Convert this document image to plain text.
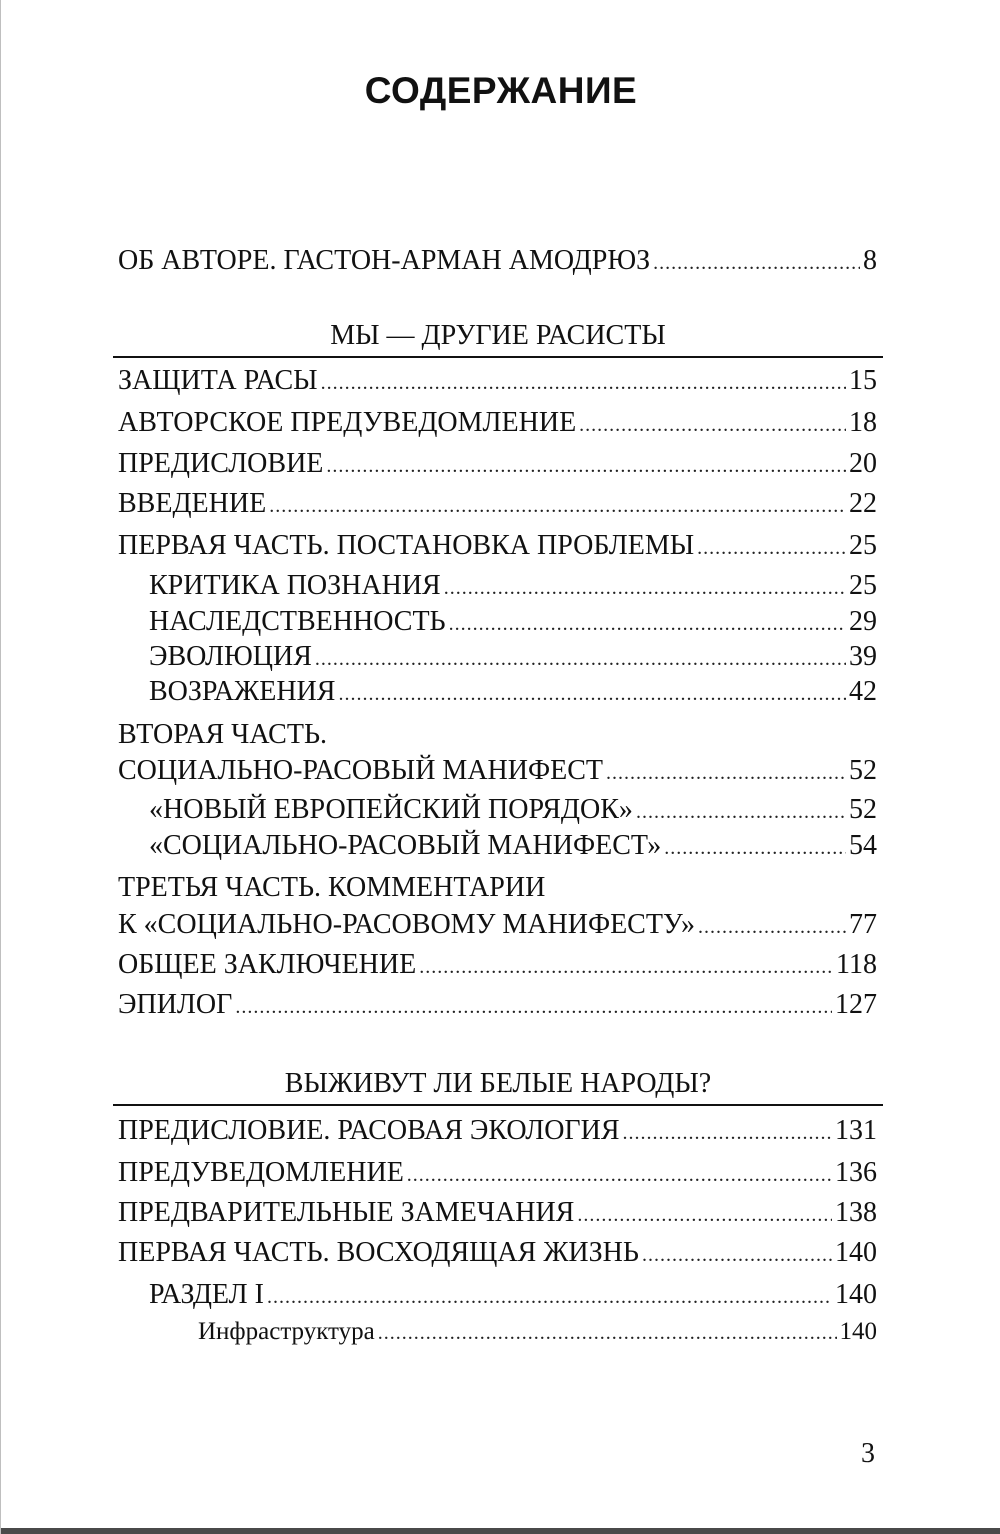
СОДЕРЖАНИЕ
ОБ АВТОРЕ. ГАСТОН-АРМАН АМОДРЮЗ .....	8
МЫ — ДРУГИЕ РАСИСТЫ
ЗАЩИТА РАСЫ .....	15
АВТОРСКОЕ ПРЕДУВЕДОМЛЕНИЕ .....	18
ПРЕДИСЛОВИЕ .....	20
ВВЕДЕНИЕ .....	22
ПЕРВАЯ ЧАСТЬ. ПОСТАНОВКА ПРОБЛЕМЫ .....	25
КРИТИКА ПОЗНАНИЯ .....	25
НАСЛЕДСТВЕННОСТЬ .....	29
ЭВОЛЮЦИЯ .....	39
ВОЗРАЖЕНИЯ .....	42
ВТОРАЯ ЧАСТЬ.
СОЦИАЛЬНО-РАСОВЫЙ МАНИФЕСТ .....	52
«НОВЫЙ ЕВРОПЕЙСКИЙ ПОРЯДОК» .....	52
«СОЦИАЛЬНО-РАСОВЫЙ МАНИФЕСТ» .....	54
ТРЕТЬЯ ЧАСТЬ. КОММЕНТАРИИ
К «СОЦИАЛЬНО-РАСОВОМУ МАНИФЕСТУ» .....	77
ОБЩЕЕ ЗАКЛЮЧЕНИЕ .....	118
ЭПИЛОГ .....	127
ВЫЖИВУТ ЛИ БЕЛЫЕ НАРОДЫ?
ПРЕДИСЛОВИЕ. РАСОВАЯ ЭКОЛОГИЯ .....	131
ПРЕДУВЕДОМЛЕНИЕ .....	136
ПРЕДВАРИТЕЛЬНЫЕ ЗАМЕЧАНИЯ .....	138
ПЕРВАЯ ЧАСТЬ. ВОСХОДЯЩАЯ ЖИЗНЬ .....	140
РАЗДЕЛ I .....	140
Инфраструктура .....	140
3
